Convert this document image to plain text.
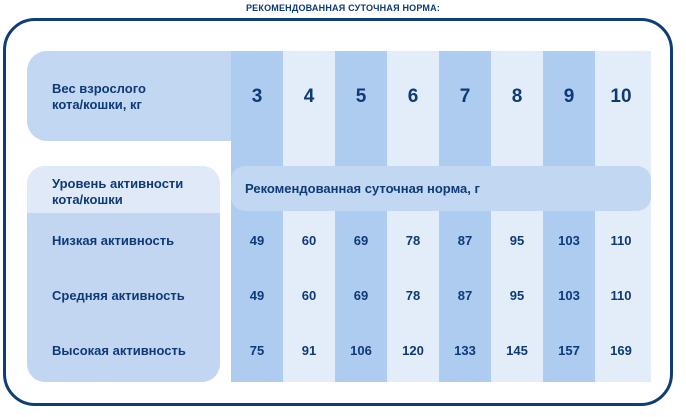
РЕКОМЕНДОВАННАЯ СУТОЧНАЯ НОРМА:
Вес взрослого
кота/кошки, кг	3	4	5	6	7	8	9	10
Уровень активности
кота/кошки
Рекомендованная суточная норма, г
Низкая активность	49	60	69	78	87	95	103	110
Средняя активность	49	60	69	78	87	95	103	110
Высокая активность	75	91	106	120	133	145	157	169
